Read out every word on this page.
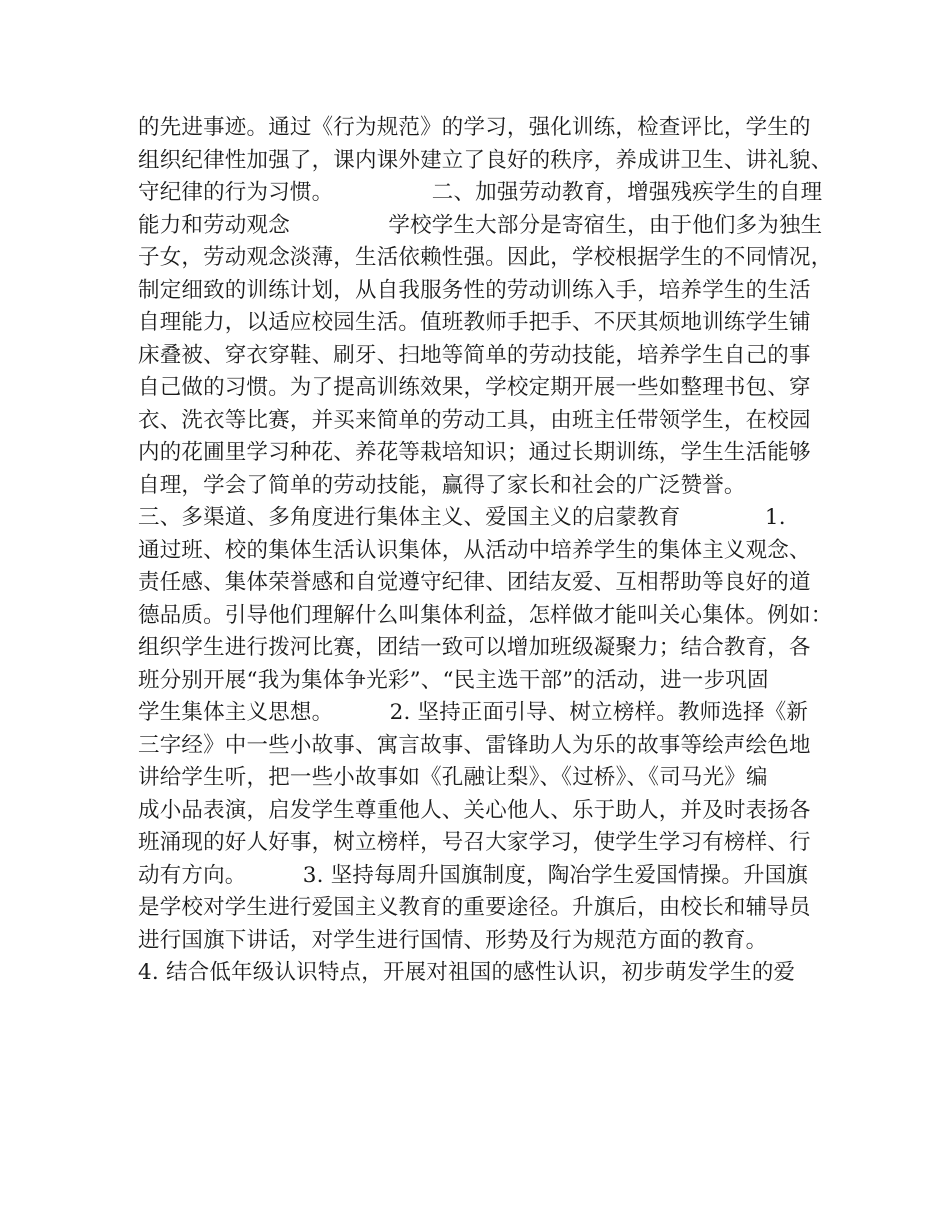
的先进事迹。通过《行为规范》的学习，强化训练，检查评比，学生的
组织纪律性加强了，课内课外建立了良好的秩序，养成讲卫生、讲礼貌、
守纪律的行为习惯。              二、加强劳动教育，增强残疾学生的自理
能力和劳动观念              学校学生大部分是寄宿生，由于他们多为独生
子女，劳动观念淡薄，生活依赖性强。因此，学校根据学生的不同情况，
制定细致的训练计划，从自我服务性的劳动训练入手，培养学生的生活
自理能力，以适应校园生活。值班教师手把手、不厌其烦地训练学生铺
床叠被、穿衣穿鞋、刷牙、扫地等简单的劳动技能，培养学生自己的事
自己做的习惯。为了提高训练效果，学校定期开展一些如整理书包、穿
衣、洗衣等比赛，并买来简单的劳动工具，由班主任带领学生，在校园
内的花圃里学习种花、养花等栽培知识；通过长期训练，学生生活能够
自理，学会了简单的劳动技能，赢得了家长和社会的广泛赞誉。
三、多渠道、多角度进行集体主义、爱国主义的启蒙教育            1.
通过班、校的集体生活认识集体，从活动中培养学生的集体主义观念、
责任感、集体荣誉感和自觉遵守纪律、团结友爱、互相帮助等良好的道
德品质。引导他们理解什么叫集体利益，怎样做才能叫关心集体。例如：
组织学生进行拨河比赛，团结一致可以增加班级凝聚力；结合教育，各
班分别开展“我为集体争光彩”、“民主选干部”的活动，进一步巩固
学生集体主义思想。        2. 坚持正面引导、树立榜样。教师选择《新
三字经》中一些小故事、寓言故事、雷锋助人为乐的故事等绘声绘色地
讲给学生听，把一些小故事如《孔融让梨》、《过桥》、《司马光》编
成小品表演，启发学生尊重他人、关心他人、乐于助人，并及时表扬各
班涌现的好人好事，树立榜样，号召大家学习，使学生学习有榜样、行
动有方向。        3. 坚持每周升国旗制度，陶冶学生爱国情操。升国旗
是学校对学生进行爱国主义教育的重要途径。升旗后，由校长和辅导员
进行国旗下讲话，对学生进行国情、形势及行为规范方面的教育。
4. 结合低年级认识特点，开展对祖国的感性认识，初步萌发学生的爱
